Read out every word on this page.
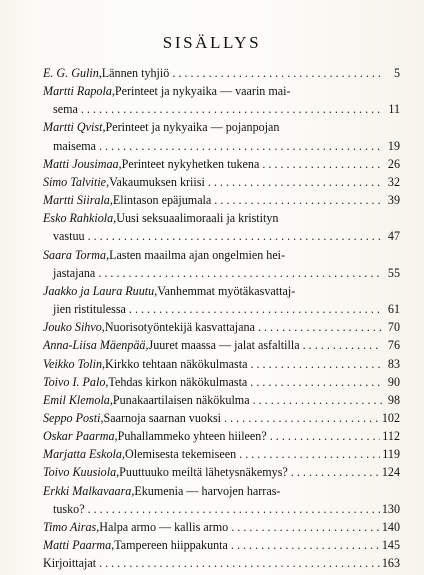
SISÄLLYS
E. G. Gulin , Lännen tyhjiö . . .	5
Martti Rapola , Perinteet ja nykyaika — vaarin mai-
sema . . .	11
Martti Qvist , Perinteet ja nykyaika — pojanpojan
maisema . . .	19
Matti Jousimaa , Perinteet nykyhetken tukena . . .	26
Simo Talvitie , Vakaumuksen kriisi . . .	32
Martti Siirala , Elintason epäjumala . . .	39
Esko Rahkiola , Uusi seksuaalimoraali ja kristityn
vastuu . . .	47
Saara Torma , Lasten maailma ajan ongelmien hei-
jastajana . . .	55
Jaakko ja Laura Ruutu , Vanhemmat myötäkasvattaj-
jien ristitulessa . . .	61
Jouko Sihvo , Nuorisotyöntekijä kasvattajana . . .	70
Anna-Liisa Mäenpää , Juuret maassa — jalat asfaltilla . . .	76
Veikko Tolin , Kirkko tehtaan näkökulmasta . . .	83
Toivo I. Palo , Tehdas kirkon näkökulmasta . . .	90
Emil Klemola , Punakaartilaisen näkökulma . . .	98
Seppo Posti , Saarnoja saarnan vuoksi . . .	102
Oskar Paarma , Puhallammeko yhteen hiileen? . . .	112
Marjatta Eskola , Olemisesta tekemiseen . . .	119
Toivo Kuusiola , Puuttuuko meiltä lähetysnäkemys? . . .	124
Erkki Malkavaara , Ekumenia — harvojen harras-
tusko? . . .	130
Timo Airas , Halpa armo — kallis armo . . .	140
Matti Paarma , Tampereen hiippakunta . . .	145
Kirjoittajat . . .	163
